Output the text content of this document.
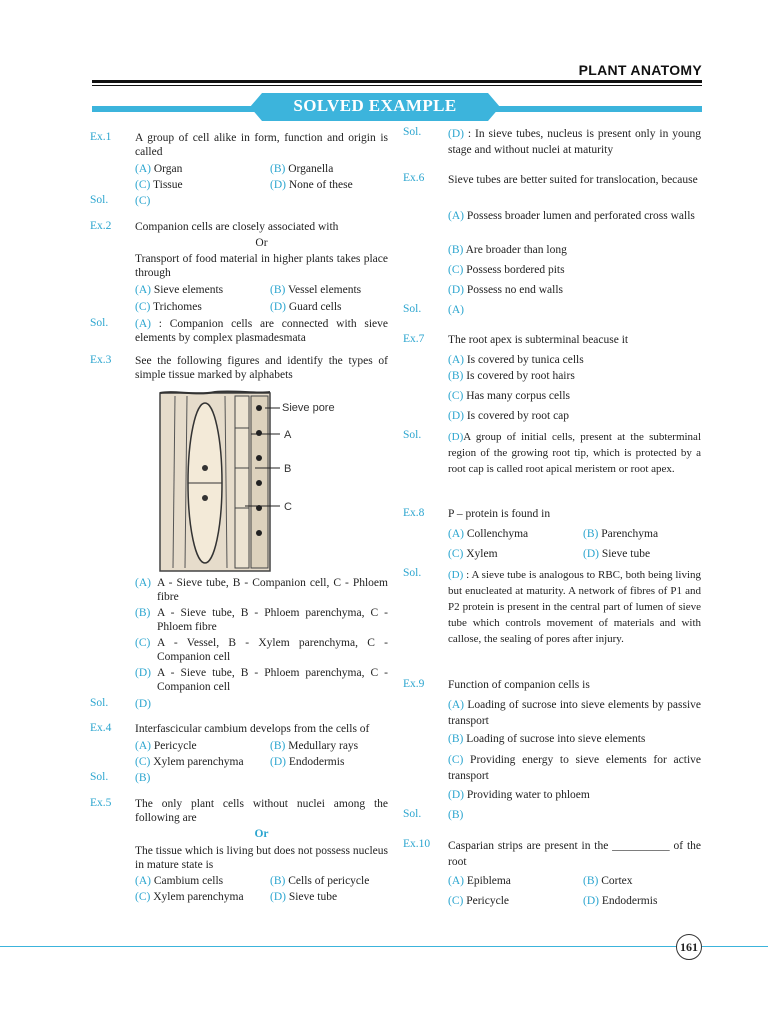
PLANT ANATOMY
SOLVED EXAMPLE
Ex.1 A group of cell alike in form, function and origin is called
(A) Organ	(B) Organella
(C) Tissue	(D) None of these
Sol. (C)
Ex.2 Companion cells are closely associated with
Or
Transport of food material in higher plants takes place through
(A) Sieve elements	(B) Vessel elements
(C) Trichomes	(D) Guard cells
Sol. (A) : Companion cells are connected with sieve elements by complex plasmadesmata
Ex.3 See the following figures and identify the types of simple tissue marked by alphabets
Sieve pore
A
B
C
(A) A - Sieve tube, B - Companion cell, C - Phloem fibre
(B) A - Sieve tube, B - Phloem parenchyma, C - Phloem fibre
(C) A - Vessel, B - Xylem parenchyma, C - Companion cell
(D) A - Sieve tube, B - Phloem parenchyma, C - Companion cell
Sol. (D)
Ex.4 Interfascicular cambium develops from the cells of
(A) Pericycle	(B) Medullary rays
(C) Xylem parenchyma (D) Endodermis
Sol. (B)
Ex.5 The only plant cells without nuclei among the following are
Or
The tissue which is living but does not possess nucleus in mature state is
(A) Cambium cells	(B) Cells of pericycle
(C) Xylem parenchyma (D) Sieve tube
Sol. (D) : In sieve tubes, nucleus is present only in young stage and without nuclei at maturity
Ex.6 Sieve tubes are better suited for translocation, because
(A) Possess broader lumen and perforated cross walls
(B) Are broader than long
(C) Possess bordered pits
(D) Possess no end walls
Sol. (A)
Ex.7 The root apex is subterminal beacuse it
(A) Is covered by tunica cells
(B) Is covered by root hairs
(C) Has many corpus cells
(D) Is covered by root cap
Sol. (D)A group of initial cells, present at the subterminal region of the growing root tip, which is protected by a root cap is called root apical meristem or root apex.
Ex.8 P – protein is found in
(A) Collenchyma	(B) Parenchyma
(C) Xylem	(D) Sieve tube
Sol. (D) : A sieve tube is analogous to RBC, both being living but enucleated at maturity. A network of fibres of P1 and P2 protein is present in the central part of lumen of sieve tube which controls movement of materials and with callose, the sealing of pores after injury.
Ex.9 Function of companion cells is
(A) Loading of sucrose into sieve elements by passive transport
(B) Loading of sucrose into sieve elements
(C) Providing energy to sieve elements for active transport
(D) Providing water to phloem
Sol. (B)
Ex.10 Casparian strips are present in the __________ of the root
(A) Epiblema	(B) Cortex
(C) Pericycle	(D) Endodermis
161
